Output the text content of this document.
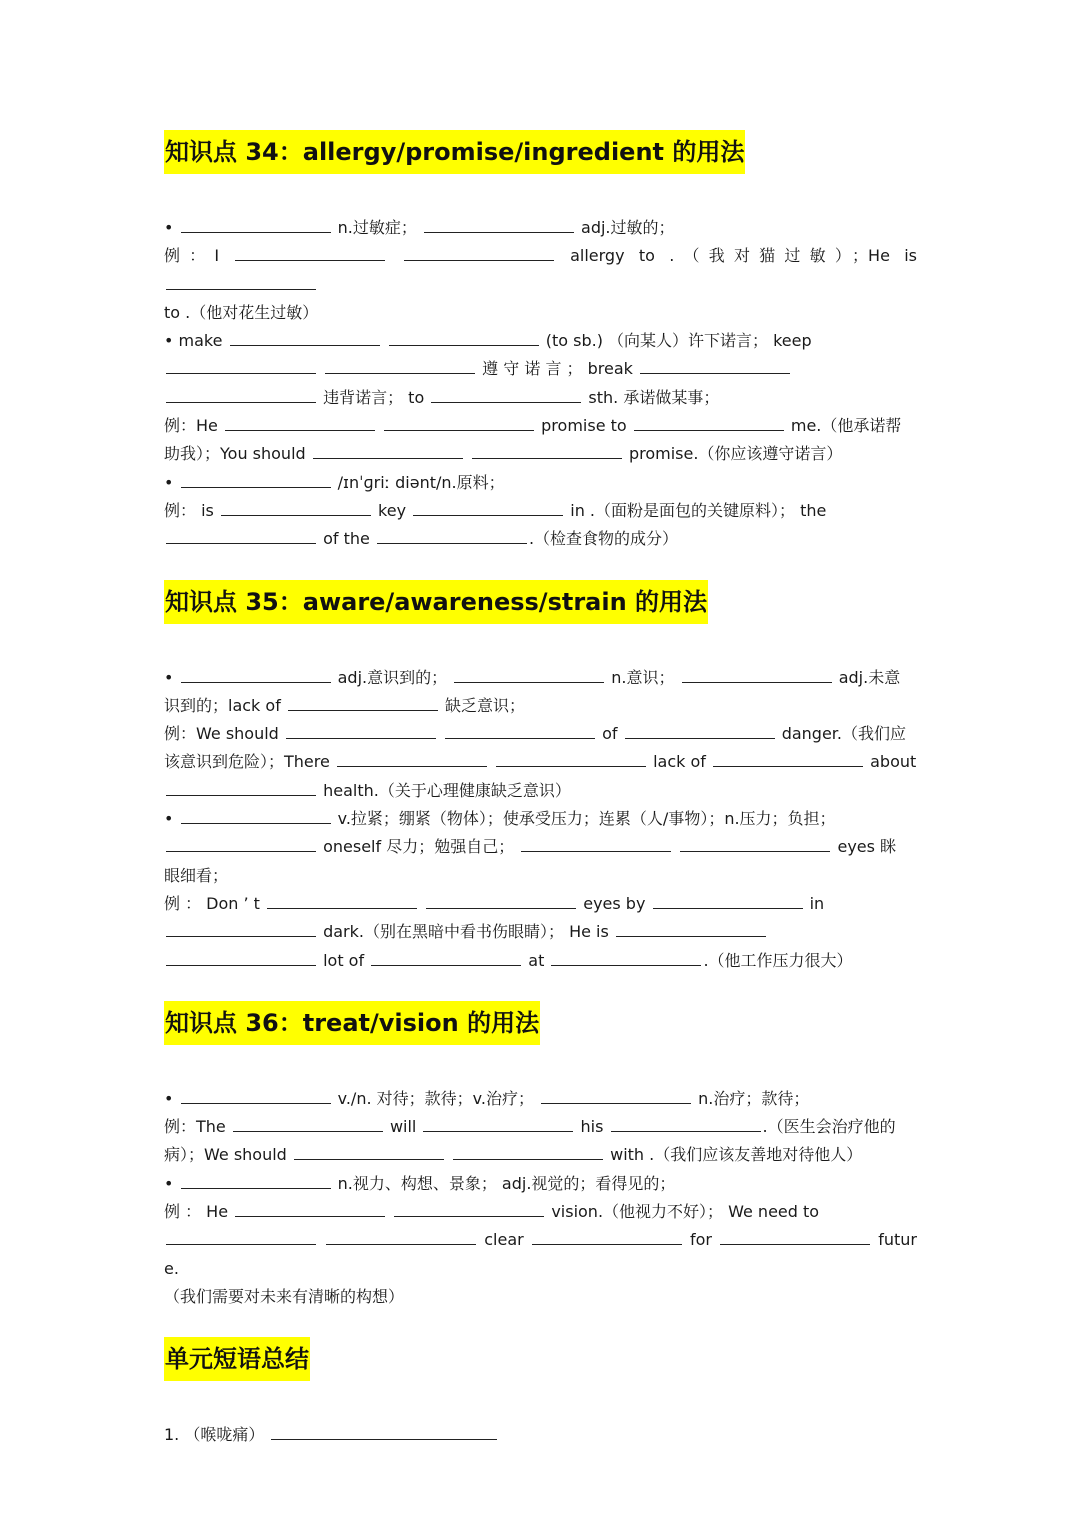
知识点 34：allergy/promise/ingredient 的用法

•	n.过敏症；	adj.过敏的；

例：I	allergy to .（我对猫过敏）；He is

to .（他对花生过敏）

• make	(to sb.) （向某人）许下诺言； keep

遵 守 诺 言 ； break

违背诺言； to	sth. 承诺做某事；

例：He	promise to	me.（他承诺帮

助我）；You should	promise.（你应该遵守诺言）

•	/ɪnˈɡriː diənt/n.原料；

例： is	key	in .（面粉是面包的关键原料）； the

of the	.（检查食物的成分）

知识点 35：aware/awareness/strain 的用法

•	adj.意识到的；	n.意识；	adj.未意

识到的；lack of	缺乏意识；

例：We should	of	danger.（我们应

该意识到危险）；There	lack of	about

health.（关于心理健康缺乏意识）

•	v.拉紧；绷紧（物体）；使承受压力；连累（人/事物）；n.压力；负担；

oneself 尽力；勉强自己；	eyes 眯

眼细看；

例 ： Don ’ t	eyes by	in

dark.（别在黑暗中看书伤眼睛）； He is

lot of	at	.（他工作压力很大）

知识点 36：treat/vision 的用法

•	v./n. 对待；款待；v.治疗；	n.治疗；款待；

例：The	will	his	.（医生会治疗他的

病）；We should	with .（我们应该友善地对待他人）

•	n.视力、构想、景象； adj.视觉的；看得见的；

例 ： He	vision.（他视力不好）； We need to

clear	for	future.

（我们需要对未来有清晰的构想）

单元短语总结

1. （喉咙痛）
